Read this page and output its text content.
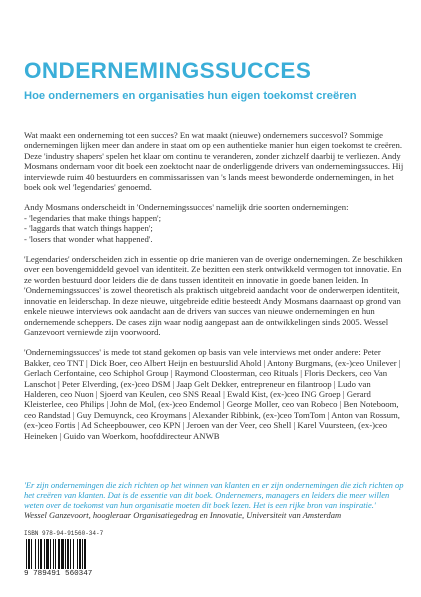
ONDERNEMINGSSUCCES
Hoe ondernemers en organisaties hun eigen toekomst creëren

Wat maakt een onderneming tot een succes? En wat maakt (nieuwe) ondernemers succesvol? Sommige ondernemingen lijken meer dan andere in staat om op een authentieke manier hun eigen toekomst te creëren. Deze 'industry shapers' spelen het klaar om continu te veranderen, zonder zichzelf daarbij te verliezen. Andy Mosmans ondernam voor dit boek een zoektocht naar de onderliggende drivers van ondernemingssucces. Hij interviewde ruim 40 bestuurders en commissarissen van 's lands meest bewonderde ondernemingen, in het boek ook wel 'legendaries' genoemd.

Andy Mosmans onderscheidt in 'Ondernemingssucces' namelijk drie soorten ondernemingen:
- 'legendaries that make things happen';
- 'laggards that watch things happen';
- 'losers that wonder what happened'.

'Legendaries' onderscheiden zich in essentie op drie manieren van de overige ondernemingen. Ze beschikken over een bovengemiddeld gevoel van identiteit. Ze bezitten een sterk ontwikkeld vermogen tot innovatie. En ze worden bestuurd door leiders die de dans tussen identiteit en innovatie in goede banen leiden. In 'Ondernemingssucces' is zowel theoretisch als praktisch uitgebreid aandacht voor de onderwerpen identiteit, innovatie en leiderschap. In deze nieuwe, uitgebreide editie besteedt Andy Mosmans daarnaast op grond van enkele nieuwe interviews ook aandacht aan de drivers van succes van nieuwe ondernemingen en hun ondernemende scheppers. De cases zijn waar nodig aangepast aan de ontwikkelingen sinds 2005. Wessel Ganzevoort verniewde zijn voorwoord.

'Ondernemingssucces' is mede tot stand gekomen op basis van vele interviews met onder andere: Peter Bakker, ceo TNT | Dick Boer, ceo Albert Heijn en bestuurslid Ahold | Antony Burgmans, (ex-)ceo Unilever | Gerlach Cerfontaine, ceo Schiphol Group | Raymond Cloosterman, ceo Rituals | Floris Deckers, ceo Van Lanschot | Peter Elverding, (ex-)ceo DSM | Jaap Gelt Dekker, entrepreneur en filantroop | Ludo van Halderen, ceo Nuon | Sjoerd van Keulen, ceo SNS Reaal | Ewald Kist, (ex-)ceo ING Groep | Gerard Kleisterlee, ceo Philips | John de Mol, (ex-)ceo Endemol | George Moller, ceo van Robeco | Ben Noteboom, ceo Randstad | Guy Demuynck, ceo Kroymans | Alexander Ribbink, (ex-)ceo TomTom | Anton van Rossum, (ex-)ceo Fortis | Ad Scheepbouwer, ceo KPN | Jeroen van der Veer, ceo Shell | Karel Vuursteen, (ex-)ceo Heineken | Guido van Woerkom, hoofddirecteur ANWB

'Er zijn ondernemingen die zich richten op het winnen van klanten en er zijn ondernemingen die zich richten op het creëren van klanten. Dat is de essentie van dit boek. Ondernemers, managers en leiders die meer willen weten over de toekomst van hun organisatie moeten dit boek lezen. Het is een rijke bron van inspiratie.'

Wessel Ganzevoort, hoogleraar Organisatiegedrag en Innovatie, Universiteit van Amsterdam

ISBN 978-94-91560-34-7
9 789491 560347
